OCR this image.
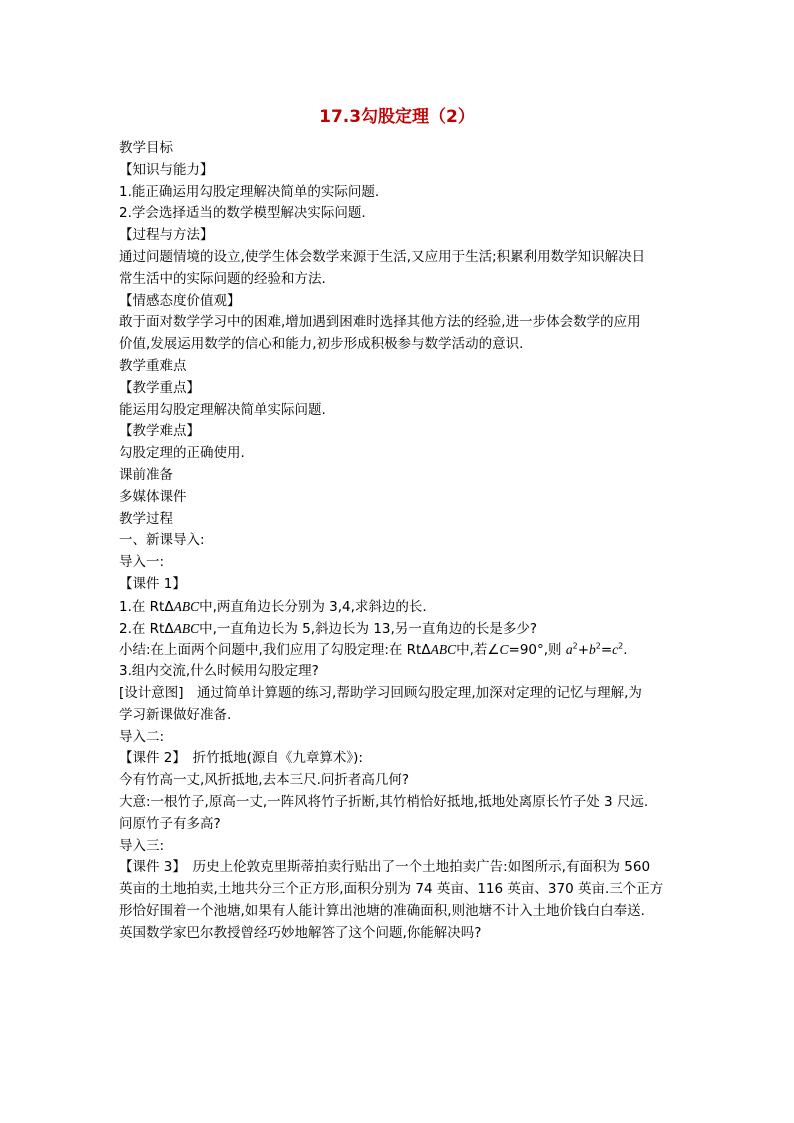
17.3勾股定理（2）
教学目标
【知识与能力】
1.能正确运用勾股定理解决简单的实际问题.
2.学会选择适当的数学模型解决实际问题.
【过程与方法】
通过问题情境的设立,使学生体会数学来源于生活,又应用于生活;积累利用数学知识解决日
常生活中的实际问题的经验和方法.
【情感态度价值观】
敢于面对数学学习中的困难,增加遇到困难时选择其他方法的经验,进一步体会数学的应用
价值,发展运用数学的信心和能力,初步形成积极参与数学活动的意识.
教学重难点
【教学重点】
能运用勾股定理解决简单实际问题.
【教学难点】
勾股定理的正确使用.
课前准备
多媒体课件
教学过程
一、新课导入:
导入一:
【课件 1】
1.在 RtΔABC中,两直角边长分别为 3,4,求斜边的长.
2.在 RtΔABC中,一直角边长为 5,斜边长为 13,另一直角边的长是多少?
小结:在上面两个问题中,我们应用了勾股定理:在 RtΔABC中,若∠C=90°,则 $a^2+b^2=c^2$.
3.组内交流,什么时候用勾股定理?
[设计意图]　通过简单计算题的练习,帮助学习回顾勾股定理,加深对定理的记忆与理解,为
学习新课做好准备.
导入二:
【课件 2】　折竹抵地(源自《九章算术》):
今有竹高一丈,风折抵地,去本三尺.问折者高几何?
大意:一根竹子,原高一丈,一阵风将竹子折断,其竹梢恰好抵地,抵地处离原长竹子处 3 尺远.
问原竹子有多高?
导入三:
【课件 3】　历史上伦敦克里斯蒂拍卖行贴出了一个土地拍卖广告:如图所示,有面积为 560
英亩的土地拍卖,土地共分三个正方形,面积分别为 74 英亩、116 英亩、370 英亩.三个正方
形恰好围着一个池塘,如果有人能计算出池塘的准确面积,则池塘不计入土地价钱白白奉送.
英国数学家巴尔教授曾经巧妙地解答了这个问题,你能解决吗?
